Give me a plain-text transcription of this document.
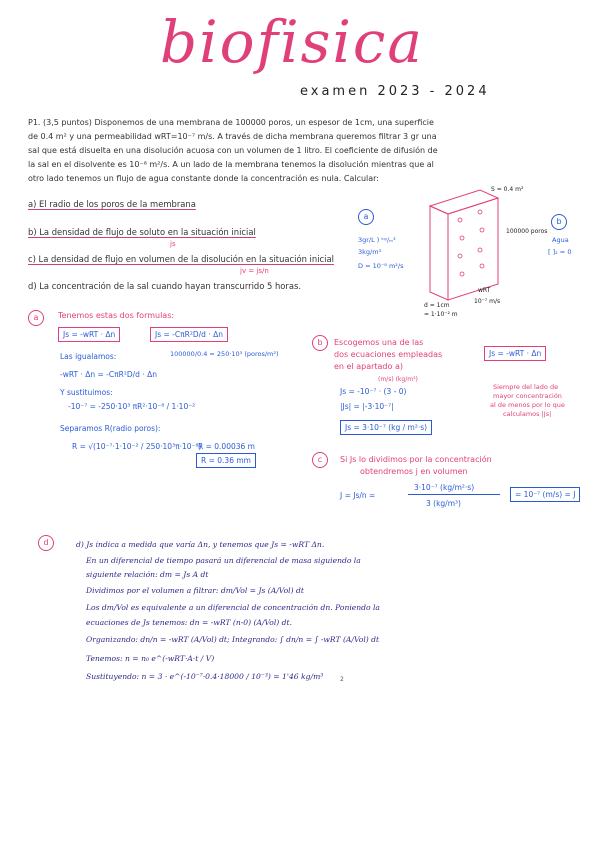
biofisica
examen 2023 - 2024
P1. (3,5 puntos) Disponemos de una membrana de 100000 poros, un espesor de 1cm, una superficie
de 0.4 m² y una permeabilidad wRT=10⁻⁷ m/s. A través de dicha membrana queremos filtrar 3 gr una
sal que está disuelta en una disolución acuosa con un volumen de 1 litro. El coeficiente de difusión de
la sal en el disolvente es 10⁻⁸ m²/s. A un lado de la membrana tenemos la disolución mientras que al
otro lado tenemos un flujo de agua constante donde la concentración es nula. Calcular:
a) El radio de los poros de la membrana
b) La densidad de flujo de soluto en la situación inicial
js
c) La densidad de flujo en volumen de la disolución en la situación inicial
jv = js/n
d) La concentración de la sal cuando hayan transcurrido 5 horas.
a
b
S = 0.4 m²
100000 poros
Agua
[ ]₂ = 0
3gr/L ) ᵏᵍ/ₘ³
3kg/m³
D = 10⁻⁸ m²/s
wRT
10⁻⁷ m/s
d = 1cm
= 1·10⁻² m
a	Tenemos estas dos formulas:
Js = -wRT · Δn	Js = -CπR²D/d · Δn
Las igualamos:	100000/0.4 = 250·10³ (poros/m²)
-wRT · Δn = -CπR²D/d · Δn
Y sustituimos:
-10⁻⁷ = -250·10³ πR²·10⁻⁸ / 1·10⁻²
Separamos R(radio poros):
R = √(10⁻⁷·1·10⁻² / 250·10³π·10⁻⁸)
R = 0.00036 m
R = 0.36 mm
b	Escogemos una de las
dos ecuaciones empleadas
en el apartado a)
Js = -wRT · Δn
(m/s) (kg/m³)
Js = -10⁻⁷ · (3 - 0)
|Js| = |-3·10⁻⁷|
Js = 3·10⁻⁷ (kg / m²·s)
Siempre del lado de
mayor concentración
al de menos por lo que
calculamos |Js|
c	Si Js lo dividimos por la concentración
obtendremos j en volumen
J = Js/n =
3·10⁻⁷ (kg/m²·s)
3 (kg/m³)
= 10⁻⁷ (m/s) = J
d	d) Js indica a medida que varía Δn, y tenemos que Js = -wRT Δn.
En un diferencial de tiempo pasará un diferencial de masa siguiendo la
siguiente relación: dm = Js A dt
Dividimos por el volumen a filtrar: dm/Vol = Js (A/Vol) dt
Los dm/Vol es equivalente a un diferencial de concentración dn. Poniendo la
ecuaciones de Js tenemos: dn = -wRT (n-0) (A/Vol) dt.
Organizando: dn/n = -wRT (A/Vol) dt; Integrando: ∫ dn/n = ∫ -wRT (A/Vol) dt
Tenemos: n = n₀ e^(-wRT·A·t / V)
Sustituyendo: n = 3 · e^(-10⁻⁷·0.4·18000 / 10⁻³) = 1'46 kg/m³	2
